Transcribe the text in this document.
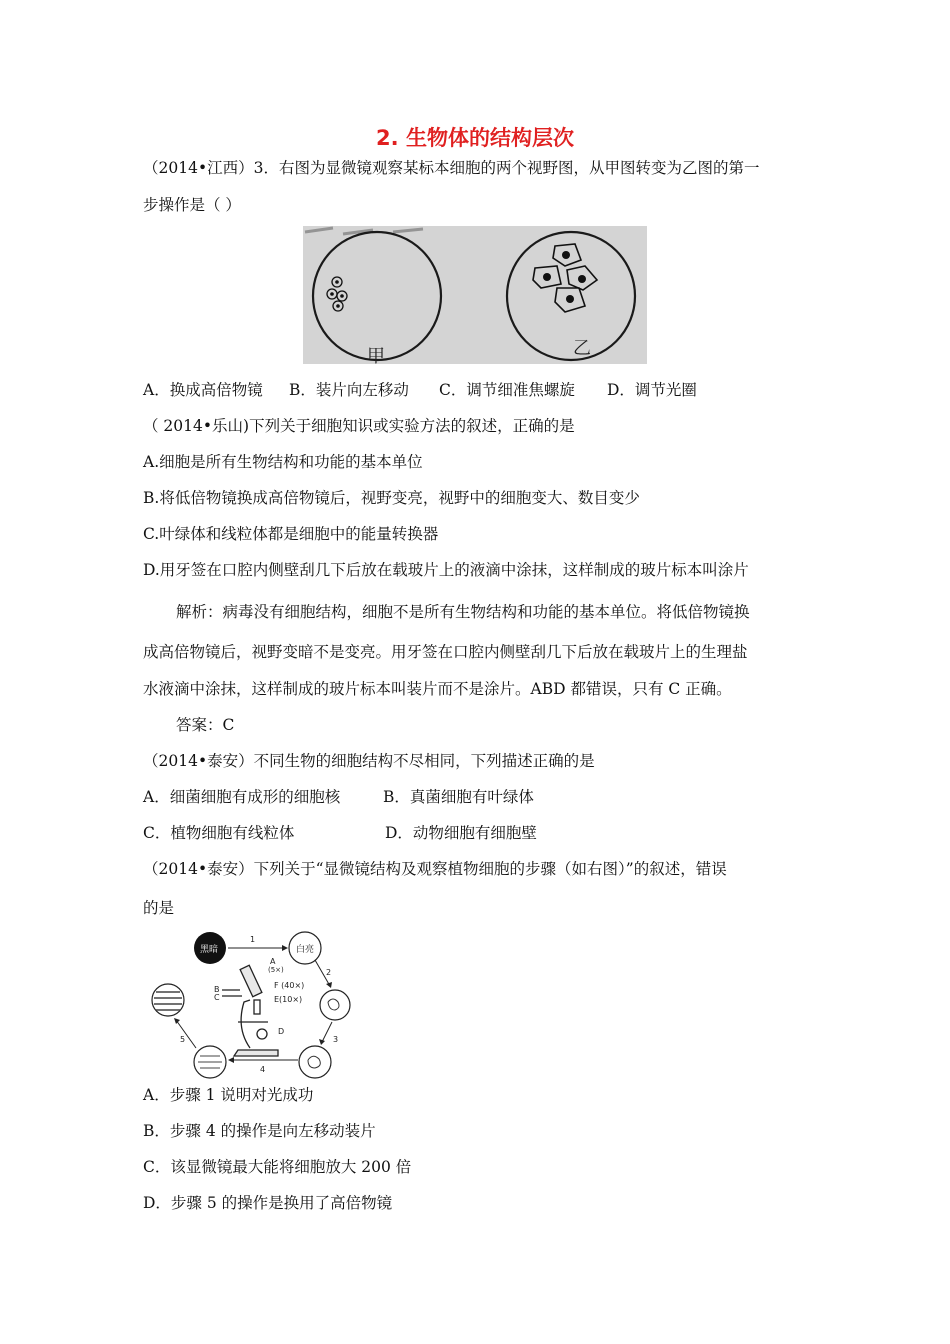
2. 生物体的结构层次
（2014•江西）3．右图为显微镜观察某标本细胞的两个视野图，从甲图转变为乙图的第一
步操作是（ ）
甲	乙
A．换成高倍物镜 B．装片向左移动 C．调节细准焦螺旋 D．调节光圈
（ 2014•乐山)下列关于细胞知识或实验方法的叙述，正确的是
A.细胞是所有生物结构和功能的基本单位
B.将低倍物镜换成高倍物镜后，视野变亮，视野中的细胞变大、数目变少
C.叶绿体和线粒体都是细胞中的能量转换器
D.用牙签在口腔内侧壁刮几下后放在载玻片上的液滴中涂抹，这样制成的玻片标本叫涂片
解析：病毒没有细胞结构，细胞不是所有生物结构和功能的基本单位。将低倍物镜换
成高倍物镜后，视野变暗不是变亮。用牙签在口腔内侧壁刮几下后放在载玻片上的生理盐
水液滴中涂抹，这样制成的玻片标本叫装片而不是涂片。ABD 都错误，只有 C 正确。
答案：C
（2014•泰安）不同生物的细胞结构不尽相同，下列描述正确的是
A．细菌细胞有成形的细胞核	B．真菌细胞有叶绿体
C．植物细胞有线粒体	D．动物细胞有细胞壁
（2014•泰安）下列关于“显微镜结构及观察植物细胞的步骤（如右图）”的叙述，错误
的是
黑暗	白亮
1
2
3
4
5
A
(5×)
F (40×)
E(10×)
B
C
D
A．步骤 1 说明对光成功
B．步骤 4 的操作是向左移动装片
C．该显微镜最大能将细胞放大 200 倍
D．步骤 5 的操作是换用了高倍物镜
